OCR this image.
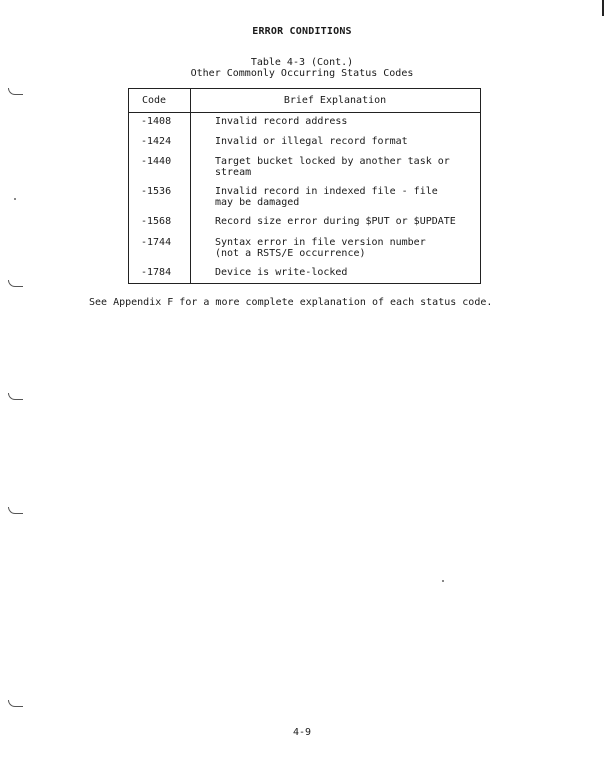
ERROR CONDITIONS
Table 4-3 (Cont.)
Other Commonly Occurring Status Codes
Code	Brief Explanation
-1408	Invalid record address
-1424	Invalid or illegal record format
-1440	Target bucket locked by another task or
stream
-1536	Invalid record in indexed file - file
may be damaged
-1568	Record size error during $PUT or $UPDATE
-1744	Syntax error in file version number
(not a RSTS/E occurrence)
-1784	Device is write-locked
See Appendix F for a more complete explanation of each status code.
4-9
